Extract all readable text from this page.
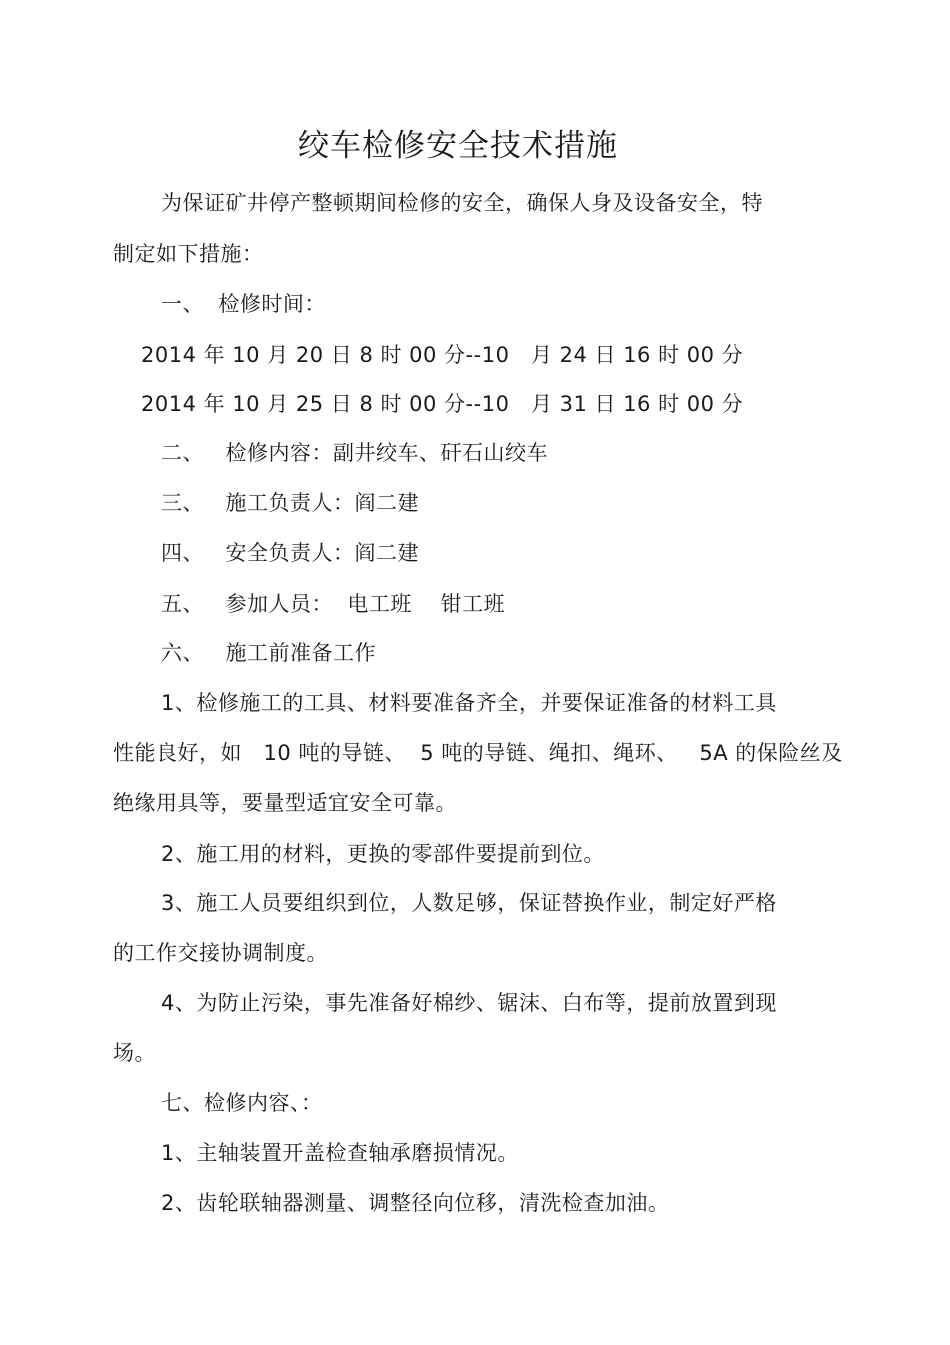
绞车检修安全技术措施
为保证矿井停产整顿期间检修的安全，确保人身及设备安全，特
制定如下措施：
一、  检修时间：
2014 年 10 月 20 日 8 时 00 分--10   月 24 日 16 时 00 分
2014 年 10 月 25 日 8 时 00 分--10   月 31 日 16 时 00 分
二、   检修内容：副井绞车、矸石山绞车
三、   施工负责人：阎二建
四、   安全负责人：阎二建
五、   参加人员：  电工班    钳工班
六、   施工前准备工作
1、检修施工的工具、材料要准备齐全，并要保证准备的材料工具
性能良好，如   10 吨的导链、  5 吨的导链、绳扣、绳环、   5A 的保险丝及
绝缘用具等，要量型适宜安全可靠。
2、施工用的材料，更换的零部件要提前到位。
3、施工人员要组织到位，人数足够，保证替换作业，制定好严格
的工作交接协调制度。
4、为防止污染，事先准备好棉纱、锯沫、白布等，提前放置到现
场。
七、检修内容、：
1、主轴装置开盖检查轴承磨损情况。
2、齿轮联轴器测量、调整径向位移，清洗检查加油。
